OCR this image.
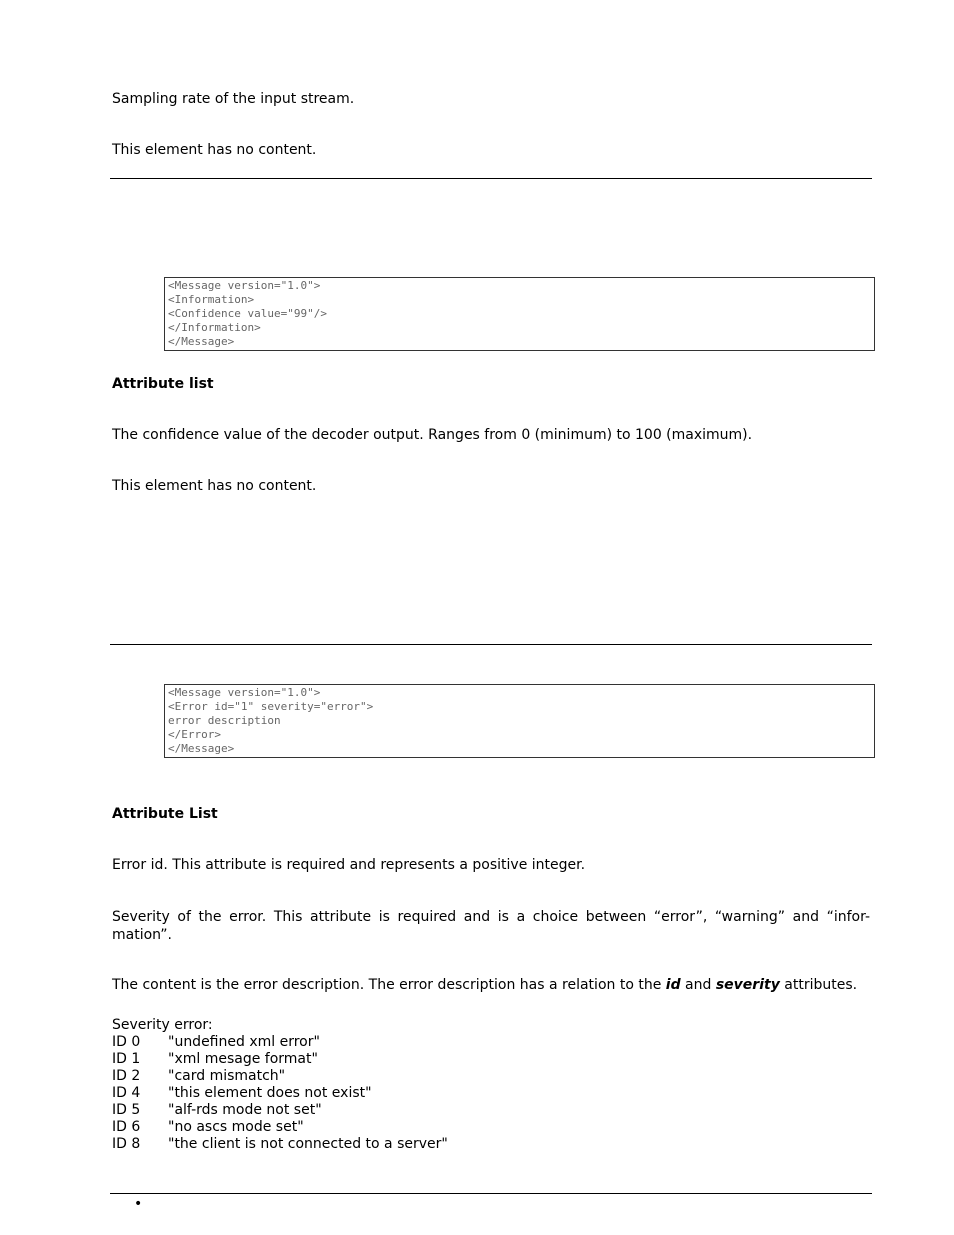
Sampling rate of the input stream.
This element has no content.
<Message version="1.0">
<Information>
<Confidence value="99"/>
</Information>
</Message>
Attribute list
The confidence value of the decoder output. Ranges from 0 (minimum) to 100 (maximum).
This element has no content.
<Message version="1.0">
<Error id="1" severity="error">
error description
</Error>
</Message>
Attribute List
Error id. This attribute is required and represents a positive integer.
Severity of the error. This attribute is required and is a choice between “error”, “warning” and “infor-mation”.
The content is the error description. The error description has a relation to the id and severity attributes.
Severity error:
ID 0 "undefined xml error"
ID 1 "xml mesage format"
ID 2 "card mismatch"
ID 4 "this element does not exist"
ID 5 "alf-rds mode not set"
ID 6 "no ascs mode set"
ID 8 "the client is not connected to a server"
•
